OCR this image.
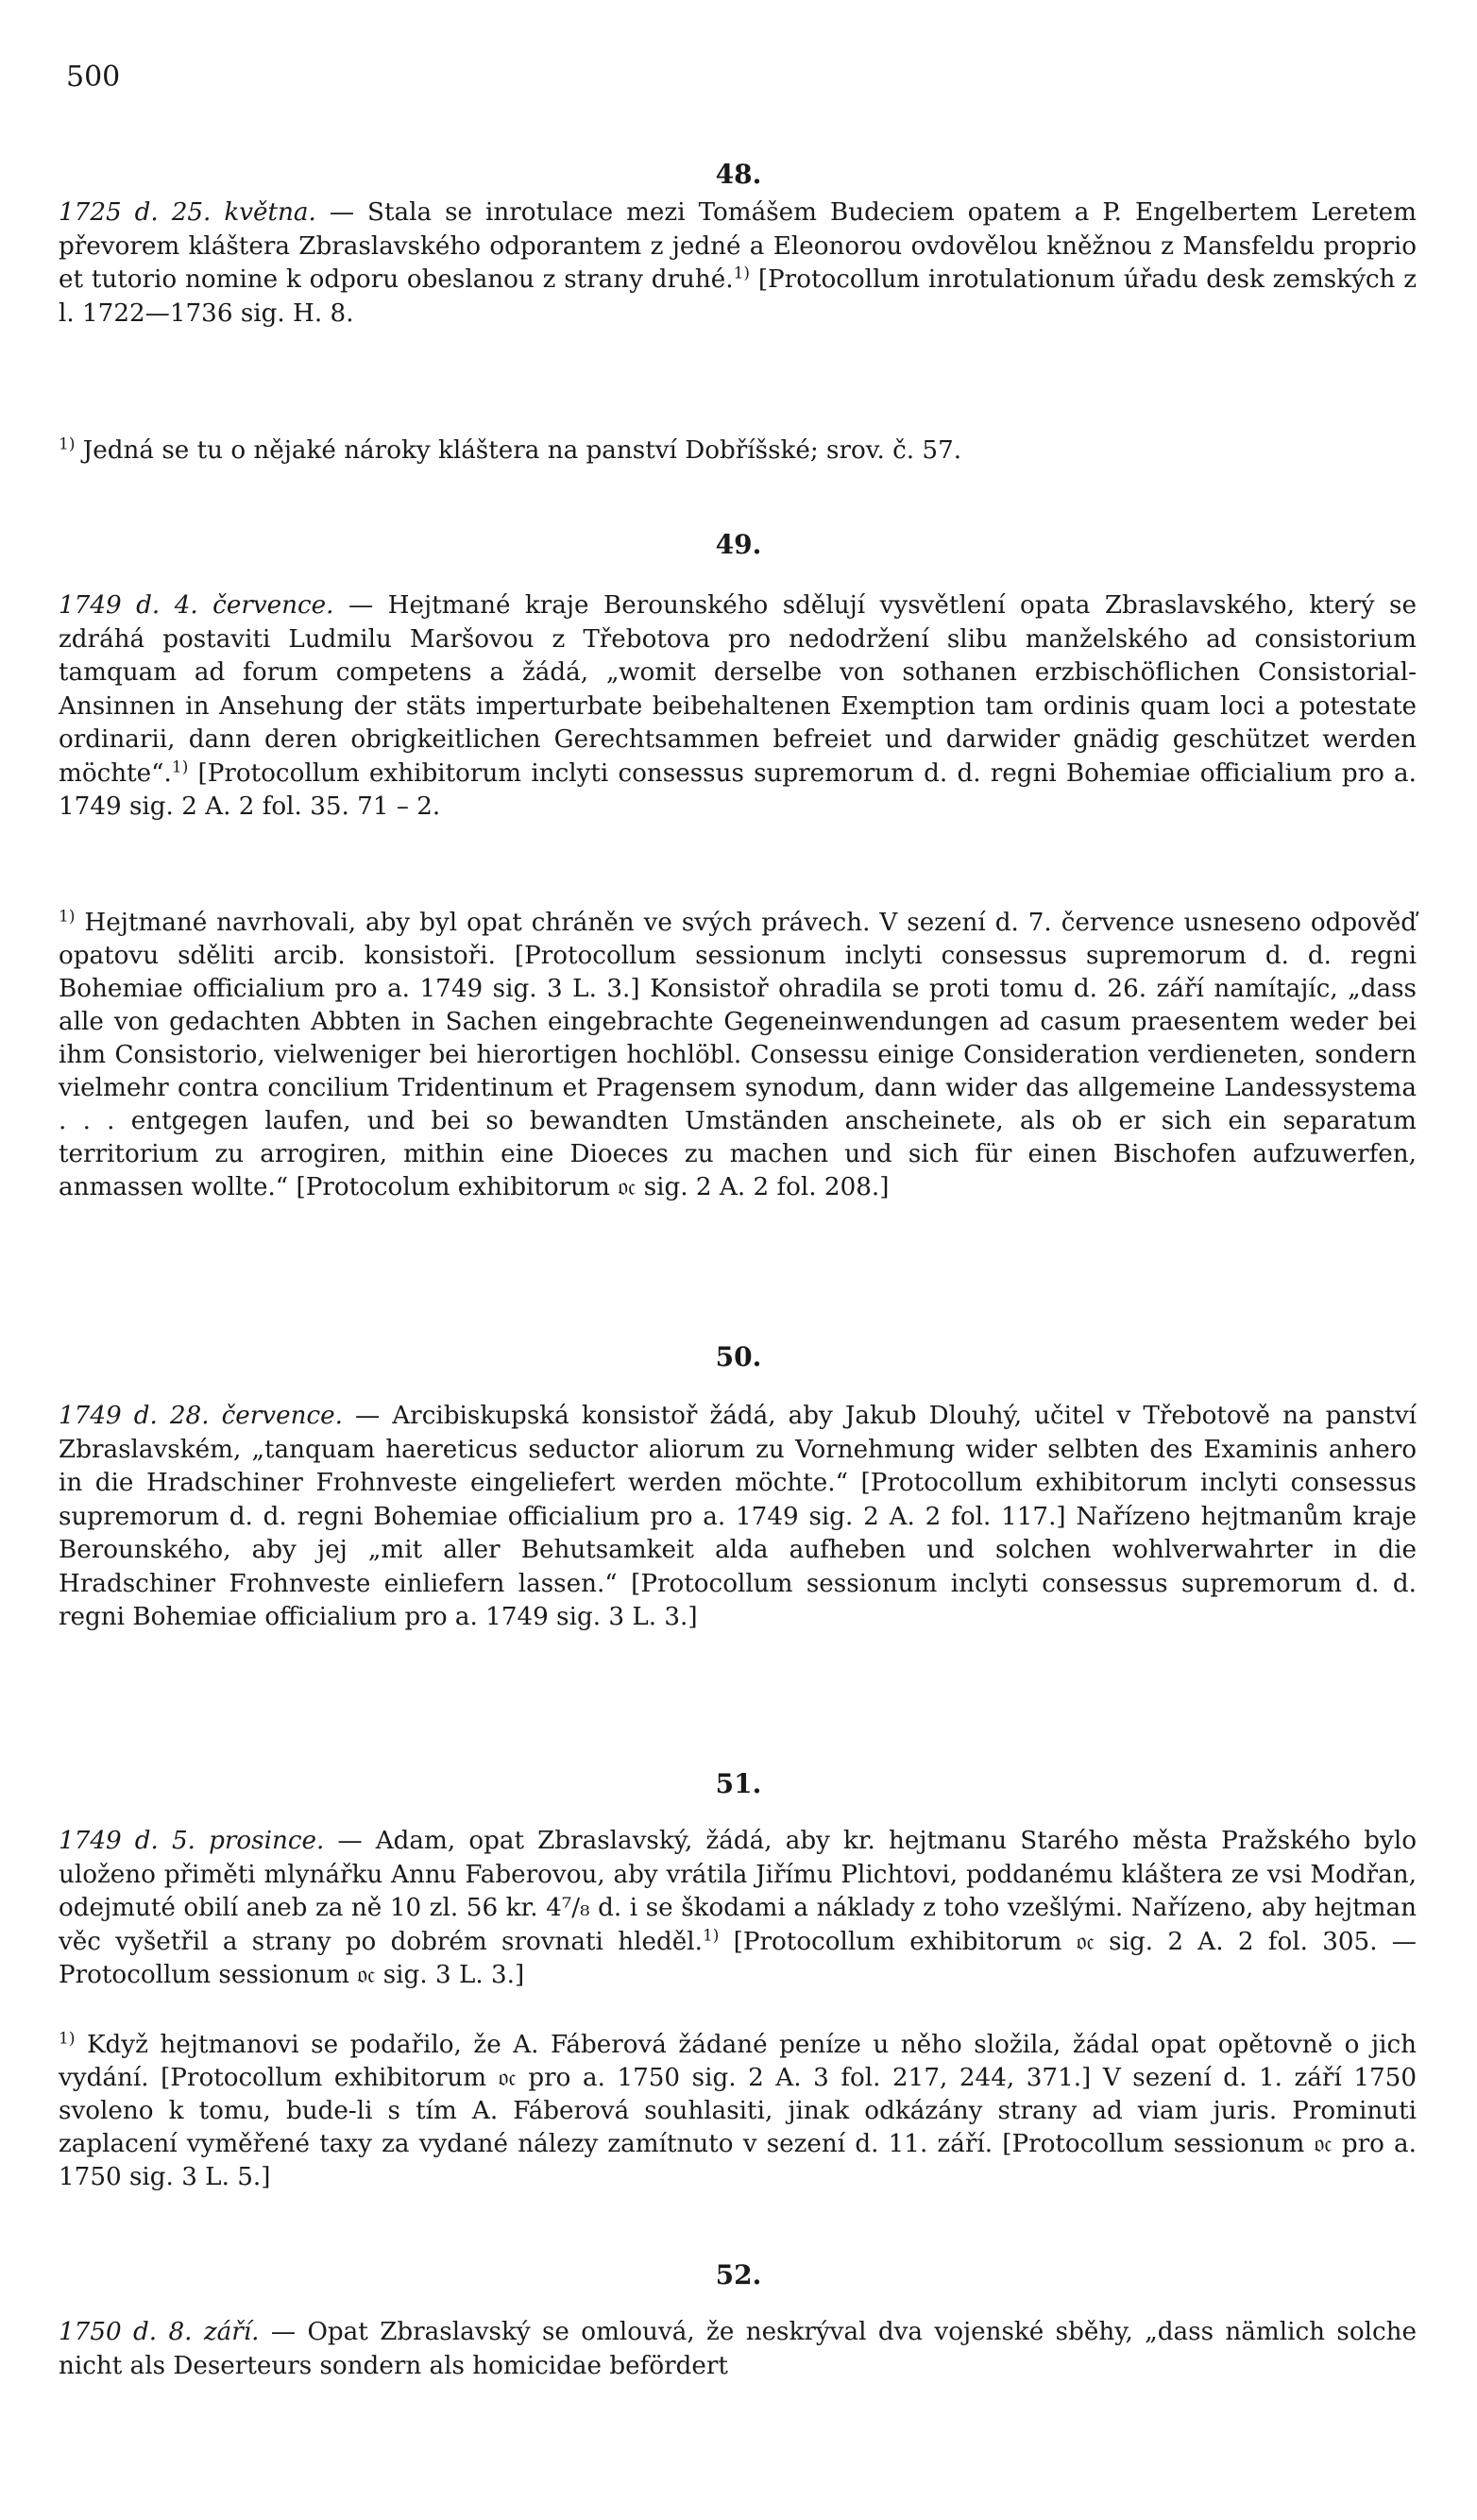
500

48.

1725 d. 25. května. — Stala se inrotulace mezi Tomášem Budeciem opatem a P. Engelbertem Leretem převorem kláštera Zbraslavského odporantem z jedné a Eleonorou ovdovělou kněžnou z Mansfeldu proprio et tutorio nomine k odporu obeslanou z strany druhé.$^{1)}$ [Protocollum inrotulationum úřadu desk zemských z l. 1722—1736 sig. H. 8.

$^{1)}$ Jedná se tu o nějaké nároky kláštera na panství Dobříšské; srov. č. 57.

49.

1749 d. 4. července. — Hejtmané kraje Berounského sdělují vysvětlení opata Zbraslavského, který se zdráhá postaviti Ludmilu Maršovou z Třebotova pro nedodržení slibu manželského ad consistorium tamquam ad forum competens a žádá, „womit derselbe von sothanen erzbischöflichen Consistorial-Ansinnen in Ansehung der stäts imperturbate beibehaltenen Exemption tam ordinis quam loci a potestate ordinarii, dann deren obrigkeitlichen Gerechtsammen befreiet und darwider gnädig geschützet werden möchte“.$^{1)}$ [Protocollum exhibitorum inclyti consessus supremorum d. d. regni Bohemiae officialium pro a. 1749 sig. 2 A. 2 fol. 35. 71 – 2.

$^{1)}$ Hejtmané navrhovali, aby byl opat chráněn ve svých právech. V sezení d. 7. července usneseno odpověď opatovu sděliti arcib. konsistoři. [Protocollum sessionum inclyti consessus supremorum d. d. regni Bohemiae officialium pro a. 1749 sig. 3 L. 3.] Konsistoř ohradila se proti tomu d. 26. září namítajíc, „dass alle von gedachten Abbten in Sachen eingebrachte Gegeneinwendungen ad casum praesentem weder bei ihm Consistorio, vielweniger bei hierortigen hochlöbl. Consessu einige Consideration verdieneten, sondern vielmehr contra concilium Tridentinum et Pragensem synodum, dann wider das allgemeine Landessystema . . . entgegen laufen, und bei so bewandten Umständen anscheinete, als ob er sich ein separatum territorium zu arrogiren, mithin eine Dioeces zu machen und sich für einen Bischofen aufzuwerfen, anmassen wollte.“ [Protocolum exhibitorum 𝔬𝔠 sig. 2 A. 2 fol. 208.]

50.

1749 d. 28. července. — Arcibiskupská konsistoř žádá, aby Jakub Dlouhý, učitel v Třebotově na panství Zbraslavském, „tanquam haereticus seductor aliorum zu Vornehmung wider selbten des Examinis anhero in die Hradschiner Frohnveste eingeliefert werden möchte.“ [Protocollum exhibitorum inclyti consessus supremorum d. d. regni Bohemiae officialium pro a. 1749 sig. 2 A. 2 fol. 117.] Nařízeno hejtmanům kraje Berounského, aby jej „mit aller Behutsamkeit alda aufheben und solchen wohlverwahrter in die Hradschiner Frohnveste einliefern lassen.“ [Protocollum sessionum inclyti consessus supremorum d. d. regni Bohemiae officialium pro a. 1749 sig. 3 L. 3.]

51.

1749 d. 5. prosince. — Adam, opat Zbraslavský, žádá, aby kr. hejtmanu Starého města Pražského bylo uloženo přiměti mlynářku Annu Faberovou, aby vrátila Jiřímu Plichtovi, poddanému kláštera ze vsi Modřan, odejmuté obilí aneb za ně 10 zl. 56 kr. 4⁷/₈ d. i se škodami a náklady z toho vzešlými. Nařízeno, aby hejtman věc vyšetřil a strany po dobrém srovnati hleděl.$^{1)}$ [Protocollum exhibitorum 𝔬𝔠 sig. 2 A. 2 fol. 305. — Protocollum sessionum 𝔬𝔠 sig. 3 L. 3.]

$^{1)}$ Když hejtmanovi se podařilo, že A. Fáberová žádané peníze u něho složila, žádal opat opětovně o jich vydání. [Protocollum exhibitorum 𝔬𝔠 pro a. 1750 sig. 2 A. 3 fol. 217, 244, 371.] V sezení d. 1. září 1750 svoleno k tomu, bude-li s tím A. Fáberová souhlasiti, jinak odkázány strany ad viam juris. Prominuti zaplacení vyměřené taxy za vydané nálezy zamítnuto v sezení d. 11. září. [Protocollum sessionum 𝔬𝔠 pro a. 1750 sig. 3 L. 5.]

52.

1750 d. 8. září. — Opat Zbraslavský se omlouvá, že neskrýval dva vojenské sběhy, „dass nämlich solche nicht als Deserteurs sondern als homicidae befördert
